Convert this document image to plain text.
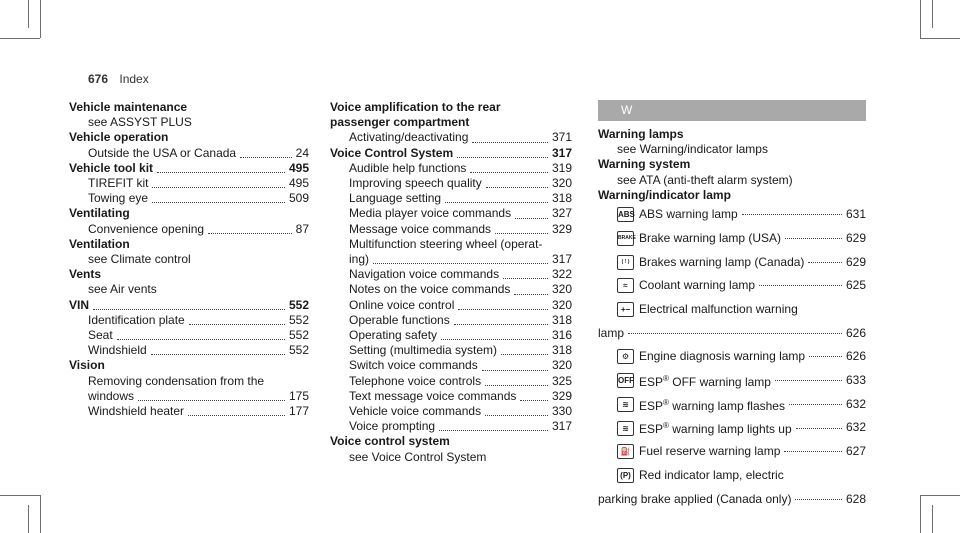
676 Index
Vehicle maintenance
see ASSYST PLUS
Vehicle operation
Outside the USA or Canada	24
Vehicle tool kit	495
TIREFIT kit	495
Towing eye	509
Ventilating
Convenience opening	87
Ventilation
see Climate control
Vents
see Air vents
VIN	552
Identification plate	552
Seat	552
Windshield	552
Vision
Removing condensation from the
windows	175
Windshield heater	177
Voice amplification to the rear
passenger compartment
Activating/deactivating	371
Voice Control System	317
Audible help functions	319
Improving speech quality	320
Language setting	318
Media player voice commands	327
Message voice commands	329
Multifunction steering wheel (operat-
ing)	317
Navigation voice commands	322
Notes on the voice commands	320
Online voice control	320
Operable functions	318
Operating safety	316
Setting (multimedia system)	318
Switch voice commands	320
Telephone voice controls	325
Text message voice commands	329
Vehicle voice commands	330
Voice prompting	317
Voice control system
see Voice Control System
W
Warning lamps
see Warning/indicator lamps
Warning system
see ATA (anti-theft alarm system)
Warning/indicator lamp
ABS ABS warning lamp	631
BRAKE Brake warning lamp (USA)	629
( ! ) Brakes warning lamp (Canada)	629
≈ Coolant warning lamp	625
+− Electrical malfunction warning
lamp	626
⚙ Engine diagnosis warning lamp	626
OFF ESP® OFF warning lamp	633
≋ ESP® warning lamp flashes	632
≋ ESP® warning lamp lights up	632
⛽ Fuel reserve warning lamp	627
(P) Red indicator lamp, electric
parking brake applied (Canada only)	628
